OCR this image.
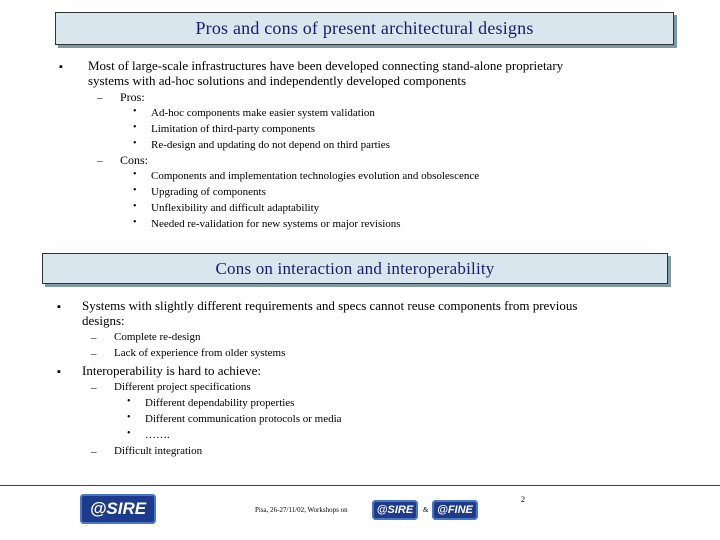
Pros and cons of present architectural designs
▪ Most of large-scale infrastructures have been developed connecting stand-alone proprietary
systems with ad-hoc solutions and independently developed components
– Pros:
• Ad-hoc components make easier system validation
• Limitation of third-party components
• Re-design and updating do not depend on third parties
– Cons:
• Components and implementation technologies evolution and obsolescence
• Upgrading of components
• Unflexibility and difficult adaptability
• Needed re-validation for new systems or major revisions
Cons on interaction and interoperability
▪ Systems with slightly different requirements and specs cannot reuse components from previous
designs:
– Complete re-design
– Lack of experience from older systems
▪ Interoperability is hard to achieve:
– Different project specifications
• Different dependability properties
• Different communication protocols or media
• …….
– Difficult integration
@SIRE	Pisa, 26-27/11/02, Workshops on	@SIRE & @FINE
2
